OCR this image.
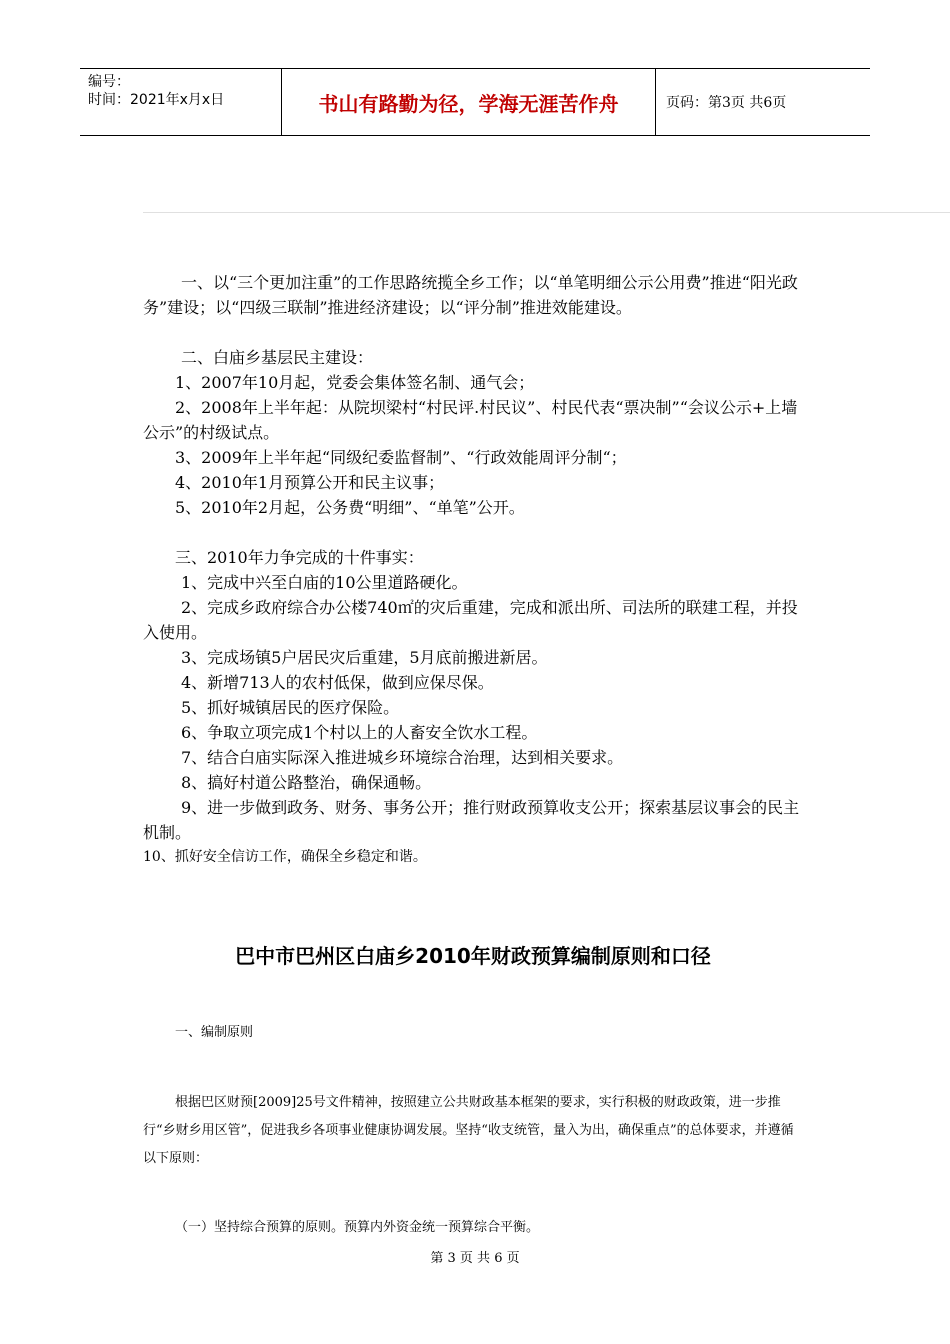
编号：
时间：2021年x月x日	书山有路勤为径，学海无涯苦作舟	页码：第3页 共6页

一、以“三个更加注重”的工作思路统揽全乡工作；以“单笔明细公示公用费”推进“阳光政务”建设；以“四级三联制”推进经济建设；以“评分制”推进效能建设。

二、白庙乡基层民主建设：

1、2007年10月起，党委会集体签名制、通气会；

2、2008年上半年起：从院坝梁村“村民评.村民议”、村民代表“票决制”“会议公示+上墙公示”的村级试点。

3、2009年上半年起“同级纪委监督制”、“行政效能周评分制“；

4、2010年1月预算公开和民主议事；

5、2010年2月起，公务费“明细”、“单笔”公开。

三、2010年力争完成的十件事实：

1、完成中兴至白庙的10公里道路硬化。

2、完成乡政府综合办公楼740㎡的灾后重建，完成和派出所、司法所的联建工程，并投入使用。

3、完成场镇5户居民灾后重建，5月底前搬进新居。

4、新增713人的农村低保，做到应保尽保。

5、抓好城镇居民的医疗保险。

6、争取立项完成1个村以上的人畜安全饮水工程。

7、结合白庙实际深入推进城乡环境综合治理，达到相关要求。

8、搞好村道公路整治，确保通畅。

9、进一步做到政务、财务、事务公开；推行财政预算收支公开；探索基层议事会的民主机制。

10、抓好安全信访工作，确保全乡稳定和谐。

巴中市巴州区白庙乡2010年财政预算编制原则和口径

一、编制原则

根据巴区财预[2009]25号文件精神，按照建立公共财政基本框架的要求，实行积极的财政政策，进一步推行“乡财乡用区管”，促进我乡各项事业健康协调发展。坚持“收支统管，量入为出，确保重点”的总体要求，并遵循以下原则：

（一）坚持综合预算的原则。预算内外资金统一预算综合平衡。

第 3 页 共 6 页
